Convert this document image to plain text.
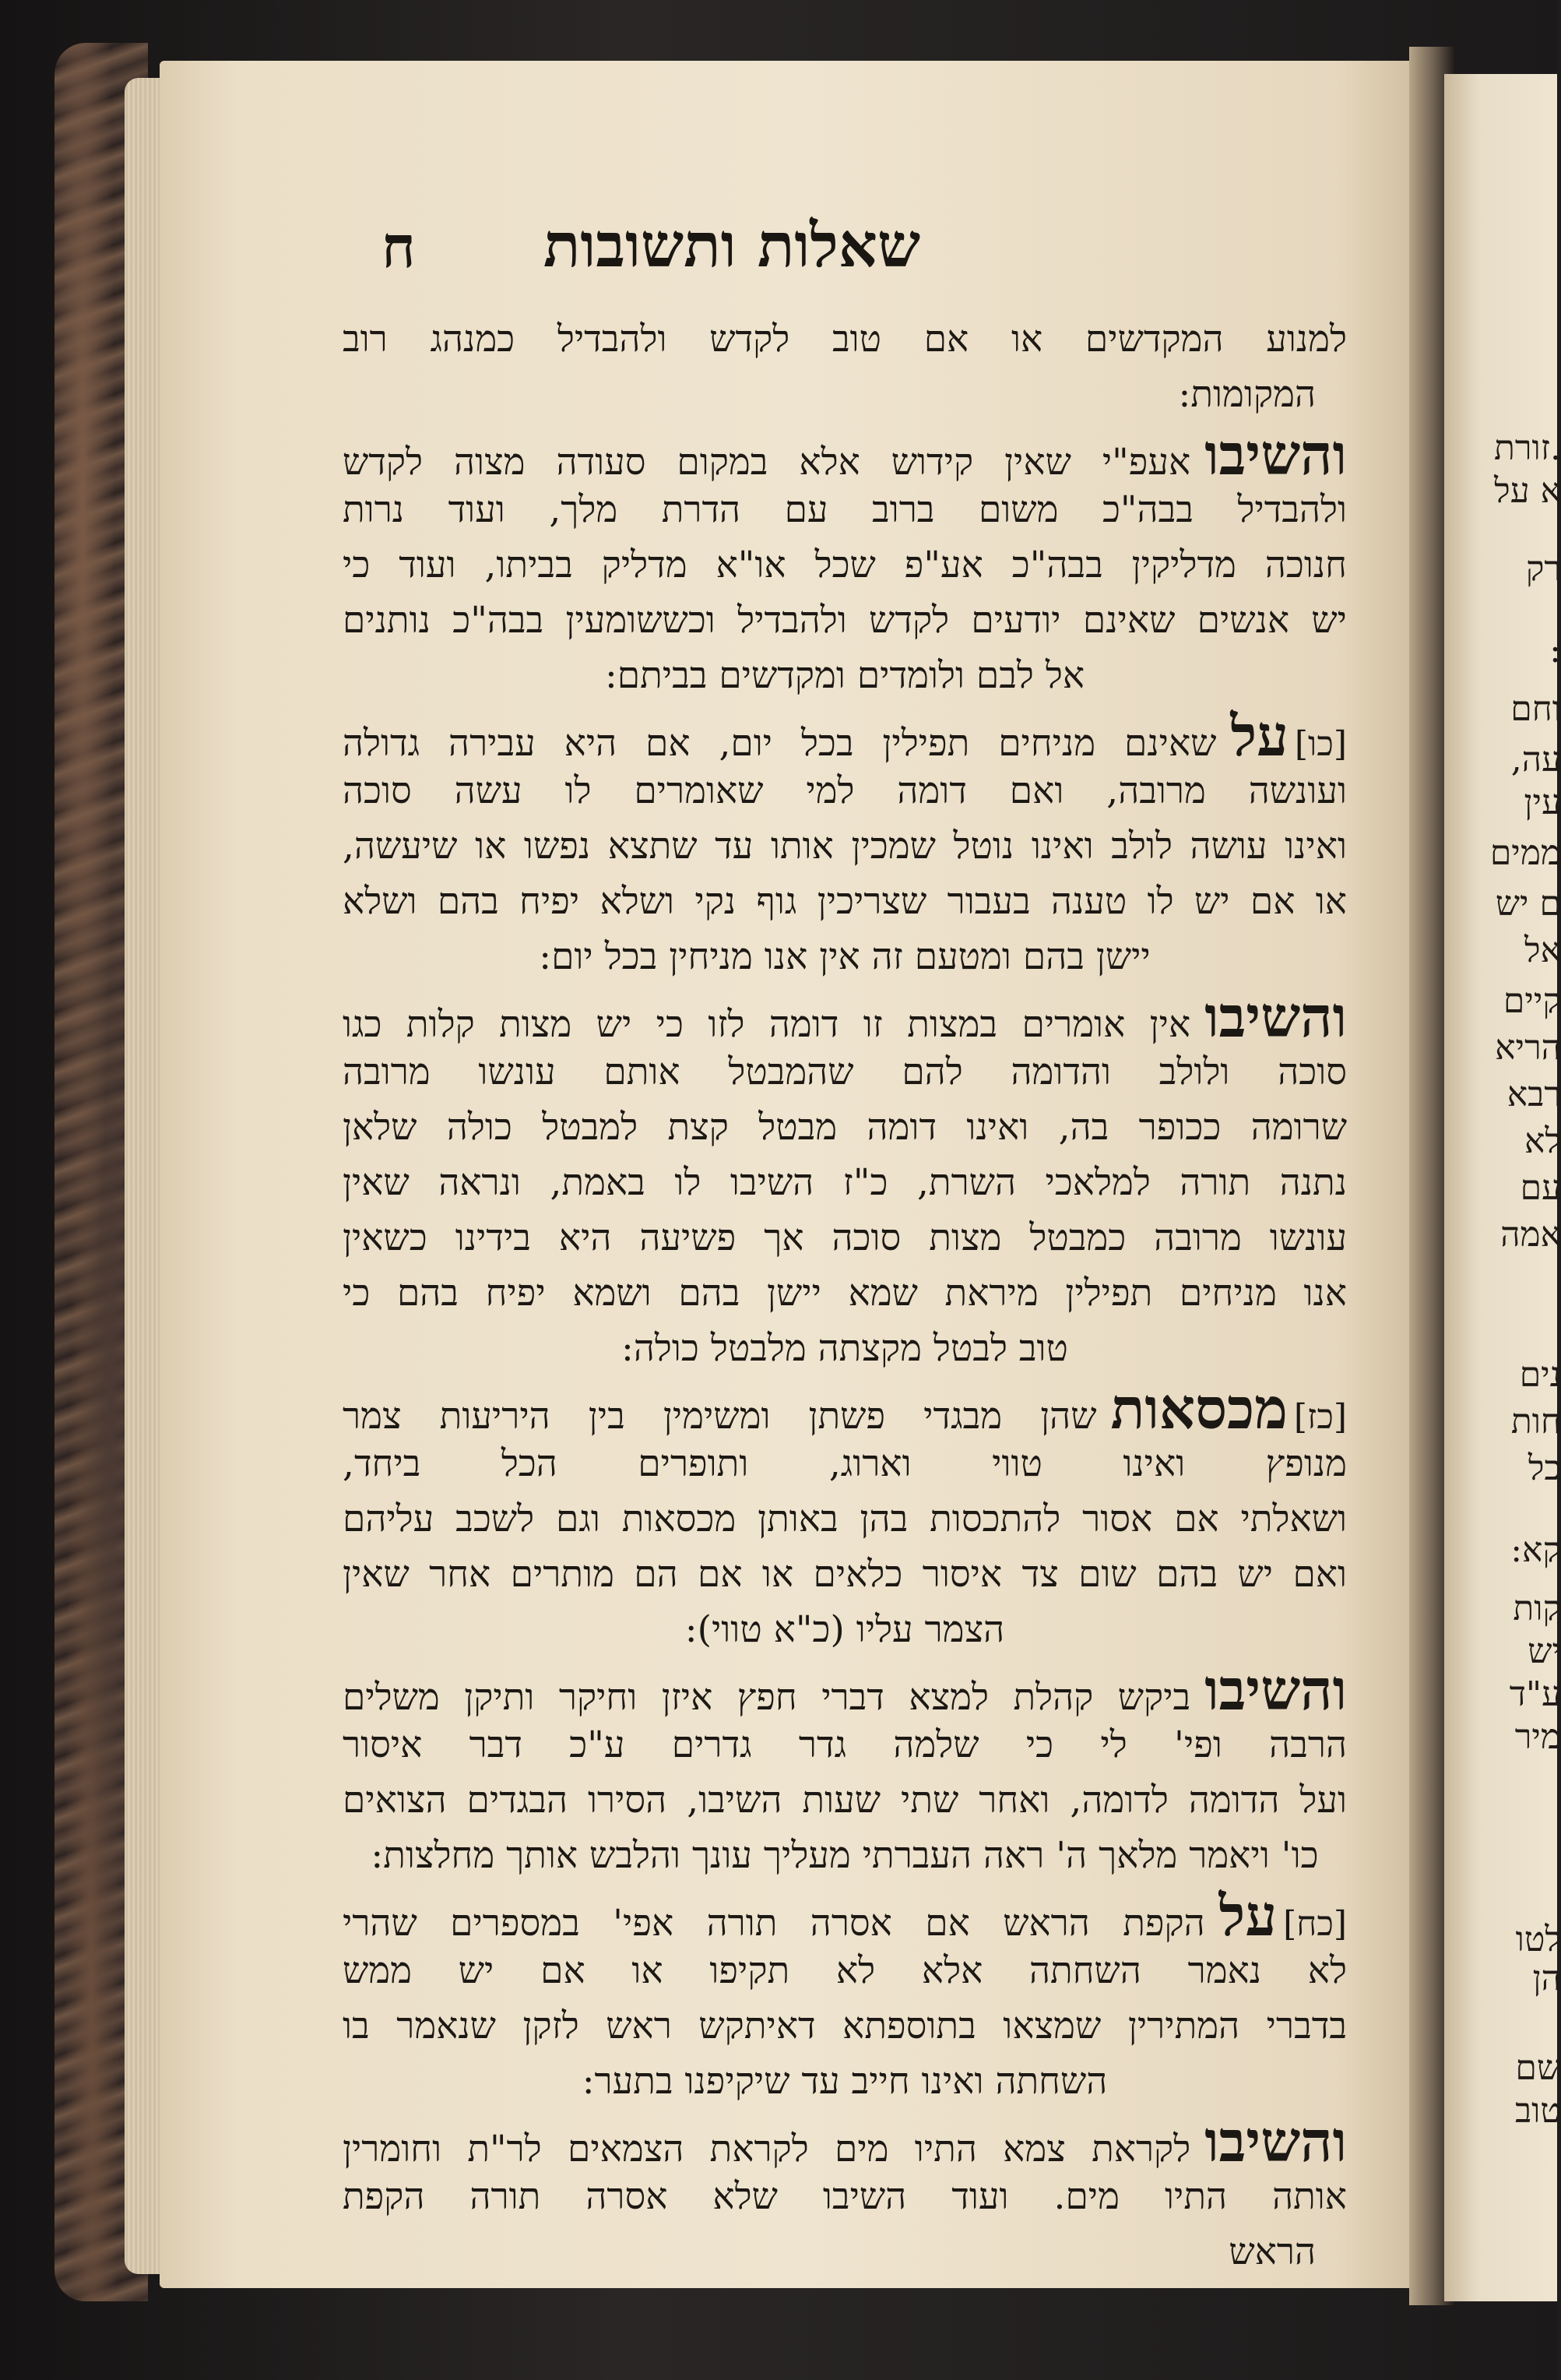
.זורת
א על
רק
:
וחם
עה,
עין
ממים
ם יש
אל
קיים
הריא
רבא
לא
עם
אמה
נים
חות
כל
קא:
קות
יש
ע"ד
מיר
לטו
הן
שם
טוב
שאלות ותשובות
ח
למנוע המקדשים או אם טוב לקדש ולהבדיל כמנהג רוב
המקומות:
והשיבואעפ"י שאין קידוש אלא במקום סעודה מצוה לקדש
ולהבדיל בבה"כ משום ברוב עם הדרת מלך, ועוד נרות
חנוכה מדליקין בבה"כ אע"פ שכל או"א מדליק בביתו, ועוד כי
יש אנשים שאינם יודעים לקדש ולהבדיל וכששומעין בבה"כ נותנים
אל לבם ולומדים ומקדשים בביתם:
[כו]עלשאינם מניחים תפילין בכל יום, אם היא עבירה גדולה
ועונשה מרובה, ואם דומה למי שאומרים לו עשה סוכה
ואינו עושה לולב ואינו נוטל שמכין אותו עד שתצא נפשו או שיעשה,
או אם יש לו טענה בעבור שצריכין גוף נקי ושלא יפיח בהם ושלא
יישן בהם ומטעם זה אין אנו מניחין בכל יום:
והשיבואין אומרים במצות זו דומה לזו כי יש מצות קלות כגו
סוכה ולולב והדומה להם שהמבטל אותם עונשו מרובה
שרומה ככופר בה, ואינו דומה מבטל קצת למבטל כולה שלאן
נתנה תורה למלאכי השרת, כ"ז השיבו לו באמת, ונראה שאין
עונשו מרובה כמבטל מצות סוכה אך פשיעה היא בידינו כשאין
אנו מניחים תפילין מיראת שמא יישן בהם ושמא יפיח בהם כי
טוב לבטל מקצתה מלבטל כולה:
[כז]מכסאותשהן מבגדי פשתן ומשימין בין היריעות צמר
מנופץ ואינו טווי וארוג, ותופרים הכל ביחד,
ושאלתי אם אסור להתכסות בהן באותן מכסאות וגם לשכב עליהם
ואם יש בהם שום צד איסור כלאים או אם הם מותרים אחר שאין
הצמר עליו (כ"א טווי):
והשיבוביקש קהלת למצא דברי חפץ איזן וחיקר ותיקן משלים
הרבה ופי' לי כי שלמה גדר גדרים ע"כ דבר איסור
ועל הדומה לדומה, ואחר שתי שעות השיבו, הסירו הבגדים הצואים
כו' ויאמר מלאך ה' ראה העברתי מעליך עונך והלבש אותך מחלצות:
[כח]עלהקפת הראש אם אסרה תורה אפי' במספרים שהרי
לא נאמר השחתה אלא לא תקיפו או אם יש ממש
בדברי המתירין שמצאו בתוספתא דאיתקש ראש לזקן שנאמר בו
השחתה ואינו חייב עד שיקיפנו בתער:
והשיבולקראת צמא התיו מים לקראת הצמאים לר"ת וחומרין
אותה התיו מים. ועוד השיבו שלא אסרה תורה הקפת
הראש
